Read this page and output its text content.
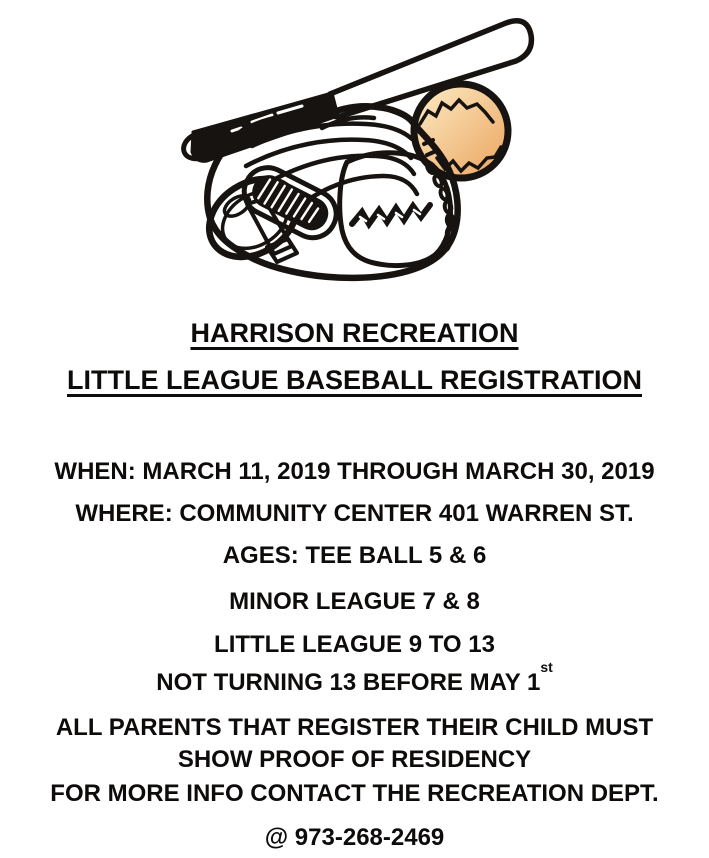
HARRISON RECREATION
LITTLE LEAGUE BASEBALL REGISTRATION

WHEN: MARCH 11, 2019 THROUGH MARCH 30, 2019

WHERE: COMMUNITY CENTER 401 WARREN ST.

AGES: TEE BALL 5 & 6

MINOR LEAGUE 7 & 8

LITTLE LEAGUE 9 TO 13

NOT TURNING 13 BEFORE MAY 1st

ALL PARENTS THAT REGISTER THEIR CHILD MUST

SHOW PROOF OF RESIDENCY

FOR MORE INFO CONTACT THE RECREATION DEPT.

@ 973-268-2469
